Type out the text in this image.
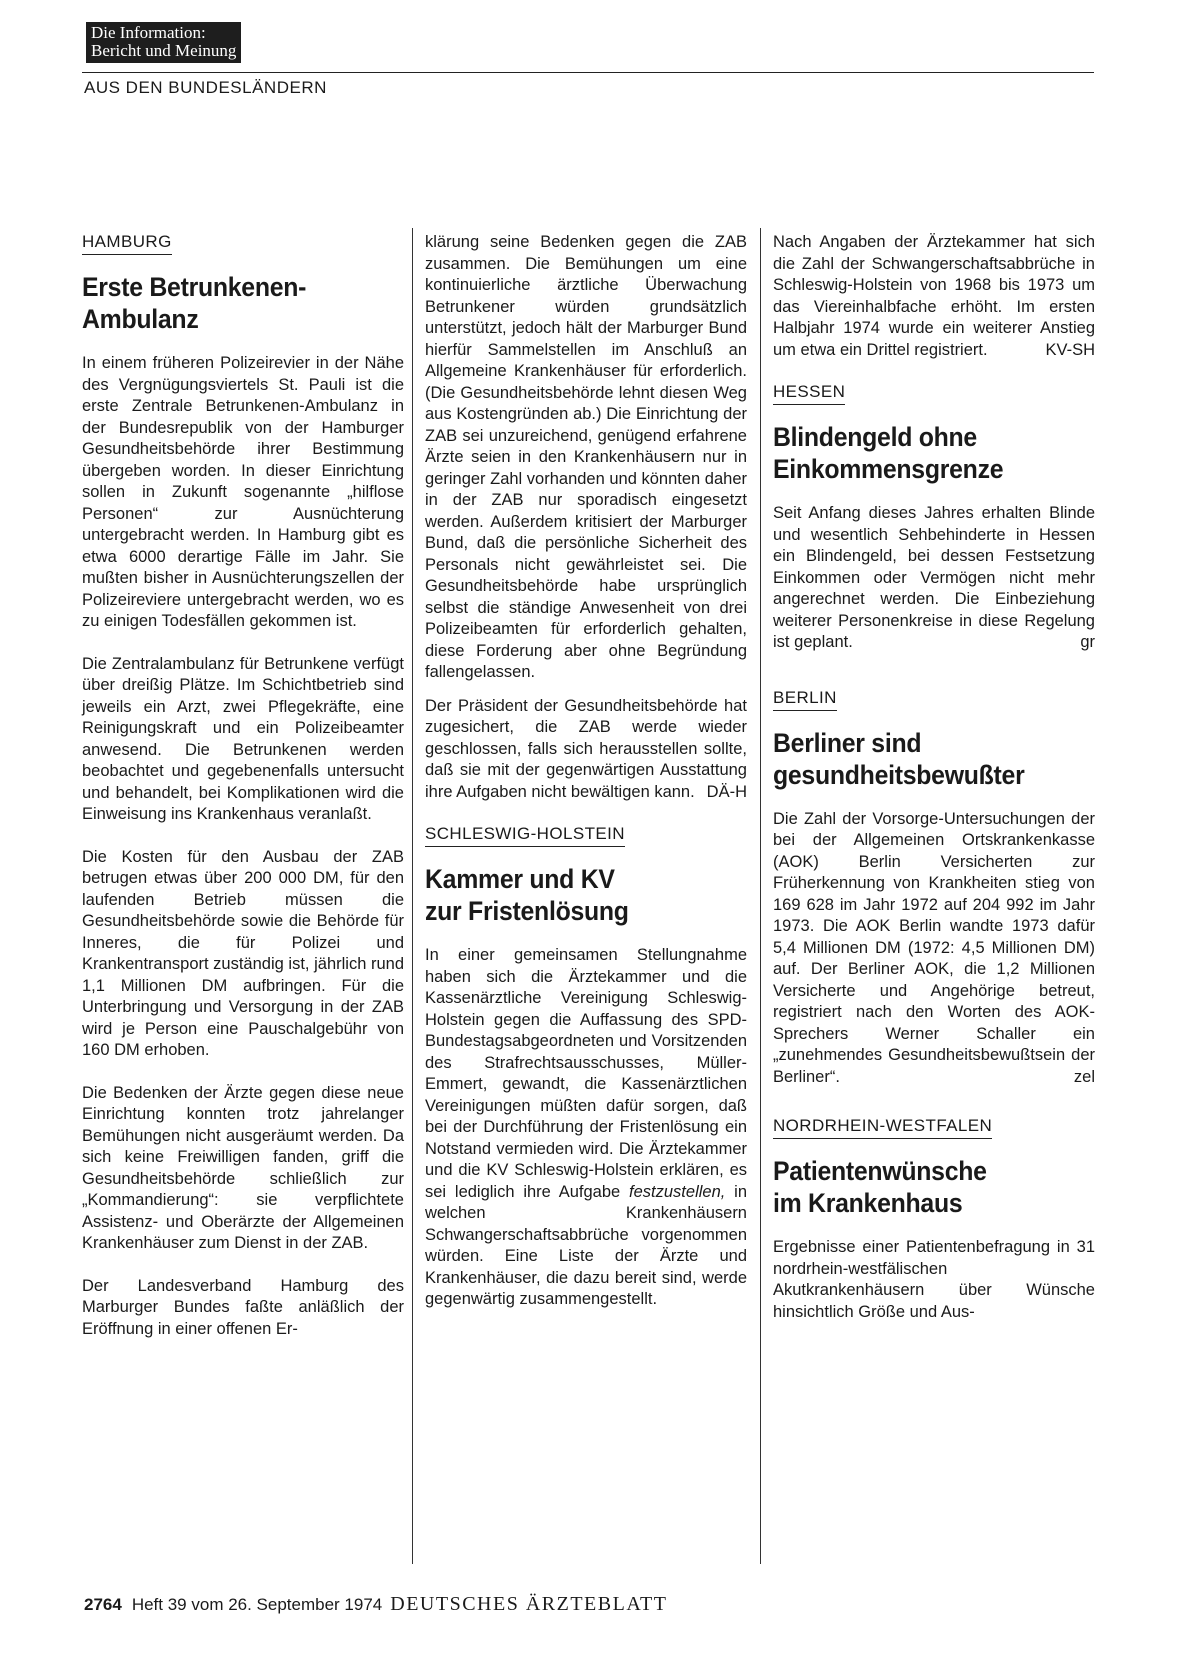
Die Information:
Bericht und Meinung
AUS DEN BUNDESLÄNDERN
HAMBURG
Erste Betrunkenen-
Ambulanz

In einem früheren Polizeirevier in der Nähe des Vergnügungsviertels St. Pauli ist die erste Zentrale Betrunkenen-Ambulanz in der Bundesrepublik von der Hamburger Gesundheitsbehörde ihrer Bestimmung übergeben worden. In dieser Einrichtung sollen in Zukunft sogenannte „hilflose Personen“ zur Ausnüchterung untergebracht werden. In Hamburg gibt es etwa 6000 derartige Fälle im Jahr. Sie mußten bisher in Ausnüchterungszellen der Polizeireviere untergebracht werden, wo es zu einigen Todesfällen gekommen ist.

Die Zentralambulanz für Betrunkene verfügt über dreißig Plätze. Im Schichtbetrieb sind jeweils ein Arzt, zwei Pflegekräfte, eine Reinigungskraft und ein Polizeibeamter anwesend. Die Betrunkenen werden beobachtet und gegebenenfalls untersucht und behandelt, bei Komplikationen wird die Einweisung ins Krankenhaus veranlaßt.

Die Kosten für den Ausbau der ZAB betrugen etwas über 200 000 DM, für den laufenden Betrieb müssen die Gesundheitsbehörde sowie die Behörde für Inneres, die für Polizei und Krankentransport zuständig ist, jährlich rund 1,1 Millionen DM aufbringen. Für die Unterbringung und Versorgung in der ZAB wird je Person eine Pauschalgebühr von 160 DM erhoben.

Die Bedenken der Ärzte gegen diese neue Einrichtung konnten trotz jahrelanger Bemühungen nicht ausgeräumt werden. Da sich keine Freiwilligen fanden, griff die Gesundheitsbehörde schließlich zur „Kommandierung“: sie verpflichtete Assistenz- und Oberärzte der Allgemeinen Krankenhäuser zum Dienst in der ZAB.

Der Landesverband Hamburg des Marburger Bundes faßte anläßlich der Eröffnung in einer offenen Er-

klärung seine Bedenken gegen die ZAB zusammen. Die Bemühungen um eine kontinuierliche ärztliche Überwachung Betrunkener würden grundsätzlich unterstützt, jedoch hält der Marburger Bund hierfür Sammelstellen im Anschluß an Allgemeine Krankenhäuser für erforderlich. (Die Gesundheitsbehörde lehnt diesen Weg aus Kostengründen ab.) Die Einrichtung der ZAB sei unzureichend, genügend erfahrene Ärzte seien in den Krankenhäusern nur in geringer Zahl vorhanden und könnten daher in der ZAB nur sporadisch eingesetzt werden. Außerdem kritisiert der Marburger Bund, daß die persönliche Sicherheit des Personals nicht gewährleistet sei. Die Gesundheitsbehörde habe ursprünglich selbst die ständige Anwesenheit von drei Polizeibeamten für erforderlich gehalten, diese Forderung aber ohne Begründung fallengelassen.

Der Präsident der Gesundheitsbehörde hat zugesichert, die ZAB werde wieder geschlossen, falls sich herausstellen sollte, daß sie mit der gegenwärtigen Ausstattung ihre Aufgaben nicht bewältigen kann. DÄ-H

SCHLESWIG-HOLSTEIN
Kammer und KV
zur Fristenlösung

In einer gemeinsamen Stellungnahme haben sich die Ärztekammer und die Kassenärztliche Vereinigung Schleswig-Holstein gegen die Auffassung des SPD-Bundestagsabgeordneten und Vorsitzenden des Strafrechtsausschusses, Müller-Emmert, gewandt, die Kassenärztlichen Vereinigungen müßten dafür sorgen, daß bei der Durchführung der Fristenlösung ein Notstand vermieden wird. Die Ärztekammer und die KV Schleswig-Holstein erklären, es sei lediglich ihre Aufgabe festzustellen, in welchen Krankenhäusern Schwangerschaftsabbrüche vorgenommen würden. Eine Liste der Ärzte und Krankenhäuser, die dazu bereit sind, werde gegenwärtig zusammengestellt.

Nach Angaben der Ärztekammer hat sich die Zahl der Schwangerschaftsabbrüche in Schleswig-Holstein von 1968 bis 1973 um das Viereinhalbfache erhöht. Im ersten Halbjahr 1974 wurde ein weiterer Anstieg um etwa ein Drittel registriert.	KV-SH

HESSEN
Blindengeld ohne
Einkommensgrenze

Seit Anfang dieses Jahres erhalten Blinde und wesentlich Sehbehinderte in Hessen ein Blindengeld, bei dessen Festsetzung Einkommen oder Vermögen nicht mehr angerechnet werden. Die Einbeziehung weiterer Personenkreise in diese Regelung ist geplant.	gr

BERLIN
Berliner sind
gesundheitsbewußter

Die Zahl der Vorsorge-Untersuchungen der bei der Allgemeinen Ortskrankenkasse (AOK) Berlin Versicherten zur Früherkennung von Krankheiten stieg von 169 628 im Jahr 1972 auf 204 992 im Jahr 1973. Die AOK Berlin wandte 1973 dafür 5,4 Millionen DM (1972: 4,5 Millionen DM) auf. Der Berliner AOK, die 1,2 Millionen Versicherte und Angehörige betreut, registriert nach den Worten des AOK-Sprechers Werner Schaller ein „zunehmendes Gesundheitsbewußtsein der Berliner“.	zel

NORDRHEIN-WESTFALEN
Patientenwünsche
im Krankenhaus

Ergebnisse einer Patientenbefragung in 31 nordrhein-westfälischen Akutkrankenhäusern über Wünsche hinsichtlich Größe und Aus-

2764 Heft 39 vom 26. September 1974 DEUTSCHES ÄRZTEBLATT
